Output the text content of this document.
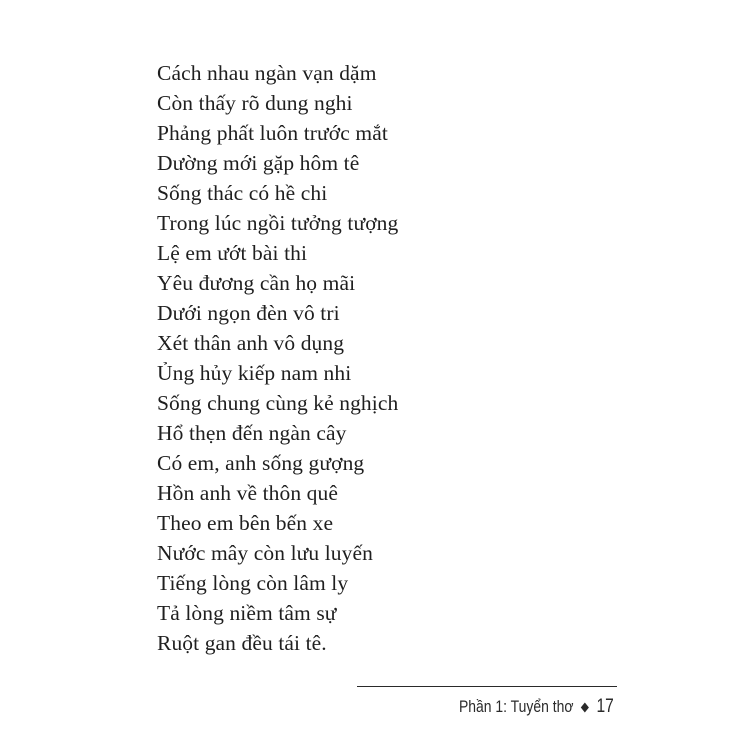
Cách nhau ngàn vạn dặm
Còn thấy rõ dung nghi
Phảng phất luôn trước mắt
Dường mới gặp hôm tê
Sống thác có hề chi
Trong lúc ngồi tưởng tượng
Lệ em ướt bài thi
Yêu đương cần họ mãi
Dưới ngọn đèn vô tri
Xét thân anh vô dụng
Ủng hủy kiếp nam nhi
Sống chung cùng kẻ nghịch
Hổ thẹn đến ngàn cây
Có em, anh sống gượng
Hồn anh về thôn quê
Theo em bên bến xe
Nước mây còn lưu luyến
Tiếng lòng còn lâm ly
Tả lòng niềm tâm sự
Ruột gan đều tái tê.
Phần 1: Tuyển thơ 17
